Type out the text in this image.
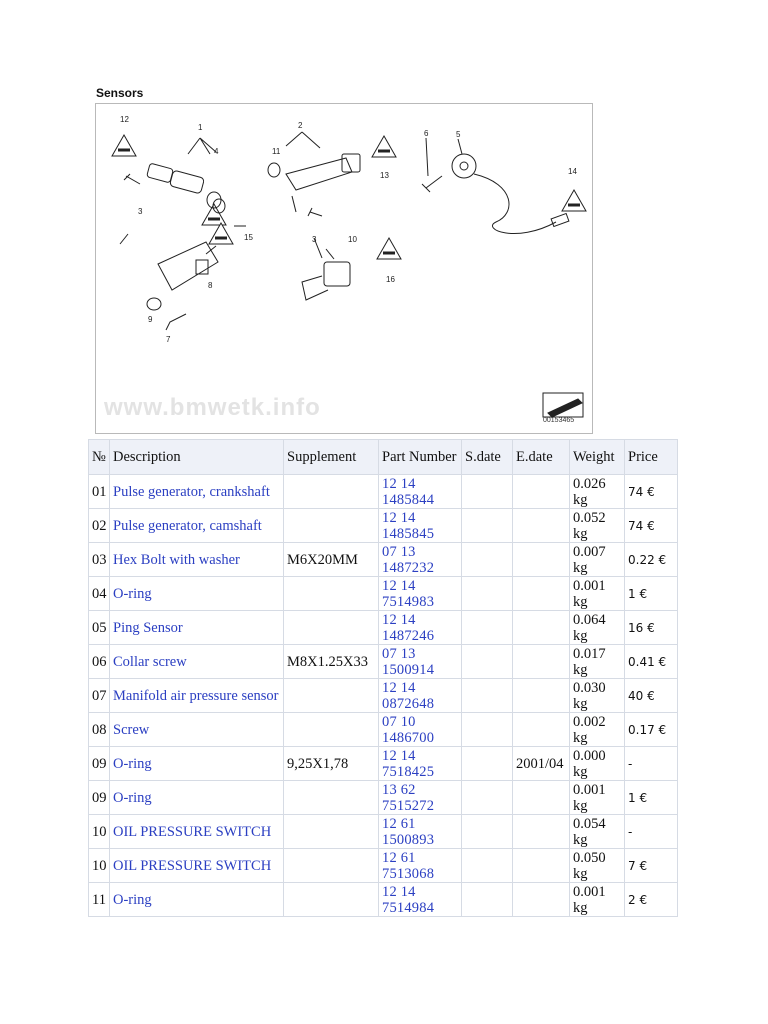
Sensors
12
1
4
3
2
11
13
3
6	5
14
15
8
9
7
10
16
www.bmwetk.info	00153465
№	Description	Supplement	Part Number	S.date	E.date	Weight	Price
01	Pulse generator, crankshaft		12 14 1485844			0.026 kg	74 €
02	Pulse generator, camshaft		12 14 1485845			0.052 kg	74 €
03	Hex Bolt with washer	M6X20MM	07 13 1487232			0.007 kg	0.22 €
04	O-ring		12 14 7514983			0.001 kg	1 €
05	Ping Sensor		12 14 1487246			0.064 kg	16 €
06	Collar screw	M8X1.25X33	07 13 1500914			0.017 kg	0.41 €
07	Manifold air pressure sensor		12 14 0872648			0.030 kg	40 €
08	Screw		07 10 1486700			0.002 kg	0.17 €
09	O-ring	9,25X1,78	12 14 7518425		2001/04	0.000 kg	-
09	O-ring		13 62 7515272			0.001 kg	1 €
10	OIL PRESSURE SWITCH		12 61 1500893			0.054 kg	-
10	OIL PRESSURE SWITCH		12 61 7513068			0.050 kg	7 €
11	O-ring		12 14 7514984			0.001 kg	2 €
